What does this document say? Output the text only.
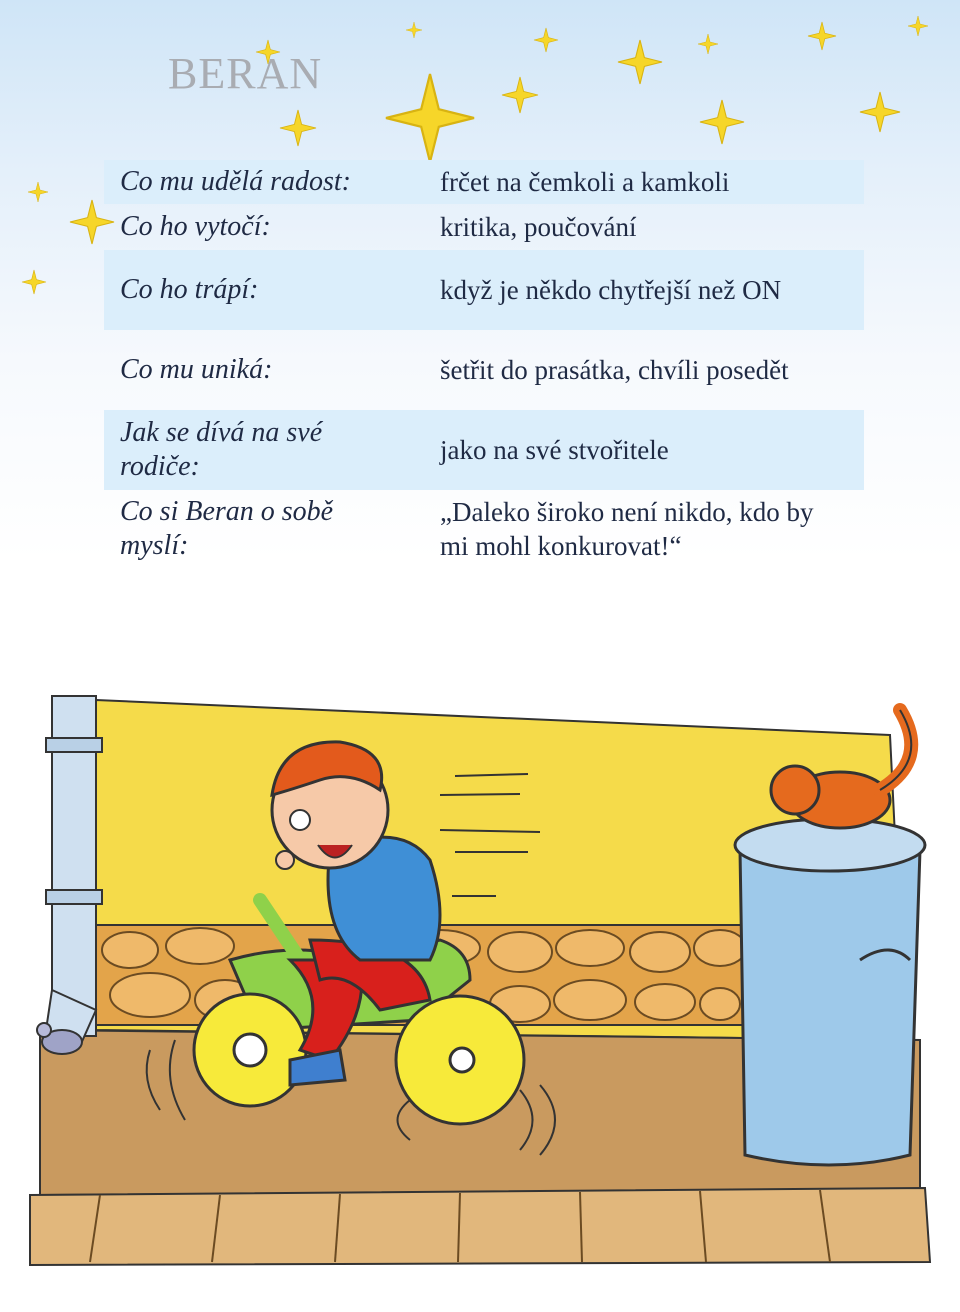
BERAN
Co mu udělá radost:	frčet na čemkoli a kamkoli
Co ho vytočí:	kritika, poučování
Co ho trápí:	když je někdo chytřejší než ON
Co mu uniká:	šetřit do prasátka, chvíli posedět
Jak se dívá na své rodiče:
jako na své stvořitele
Co si Beran o sobě myslí:
„Daleko široko není nikdo, kdo by mi mohl konkurovat!“
